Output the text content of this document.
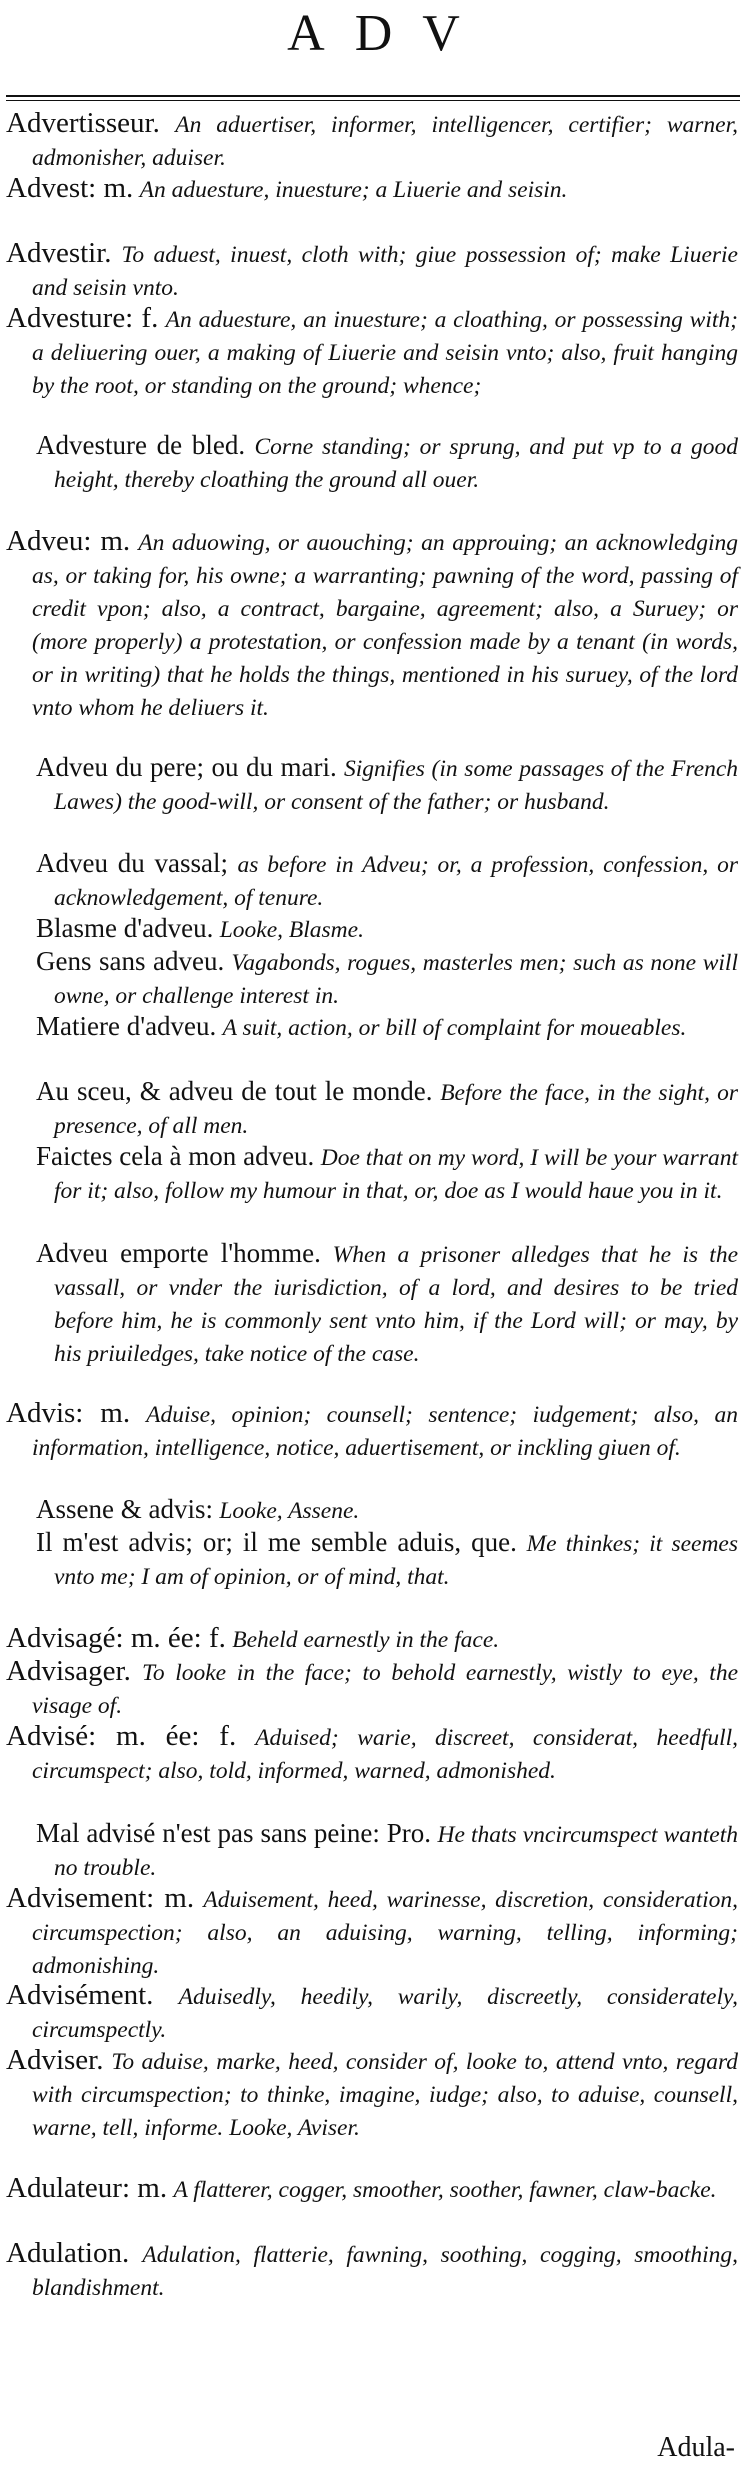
ADV
Advertisseur. An aduertiser, informer, intelligencer, certifier; warner, admonisher, aduiser.
Advest: m. An aduesture, inuesture; a Liuerie and seisin.
Advestir. To aduest, inuest, cloth with; giue possession of; make Liuerie and seisin vnto.
Advesture: f. An aduesture, an inuesture; a cloathing, or possessing with; a deliuering ouer, a making of Liuerie and seisin vnto; also, fruit hanging by the root, or standing on the ground; whence;
Advesture de bled. Corne standing; or sprung, and put vp to a good height, thereby cloathing the ground all ouer.
Adveu: m. An aduowing, or auouching; an approuing; an acknowledging as, or taking for, his owne; a warranting; pawning of the word, passing of credit vpon; also, a contract, bargaine, agreement; also, a Suruey; or (more properly) a protestation, or confession made by a tenant (in words, or in writing) that he holds the things, mentioned in his suruey, of the lord vnto whom he deliuers it.
Adveu du pere; ou du mari. Signifies (in some passages of the French Lawes) the good-will, or consent of the father; or husband.
Adveu du vassal; as before in Adveu; or, a profession, confession, or acknowledgement, of tenure.
Blasme d'adveu. Looke, Blasme.
Gens sans adveu. Vagabonds, rogues, masterles men; such as none will owne, or challenge interest in.
Matiere d'adveu. A suit, action, or bill of complaint for moueables.
Au sceu, & adveu de tout le monde. Before the face, in the sight, or presence, of all men.
Faictes cela à mon adveu. Doe that on my word, I will be your warrant for it; also, follow my humour in that, or, doe as I would haue you in it.
Adveu emporte l'homme. When a prisoner alledges that he is the vassall, or vnder the iurisdiction, of a lord, and desires to be tried before him, he is commonly sent vnto him, if the Lord will; or may, by his priuiledges, take notice of the case.
Advis: m. Aduise, opinion; counsell; sentence; iudgement; also, an information, intelligence, notice, aduertisement, or inckling giuen of.
Assene & advis: Looke, Assene.
Il m'est advis; or; il me semble aduis, que. Me thinkes; it seemes vnto me; I am of opinion, or of mind, that.
Advisagé: m. ée: f. Beheld earnestly in the face.
Advisager. To looke in the face; to behold earnestly, wistly to eye, the visage of.
Advisé: m. ée: f. Aduised; warie, discreet, considerat, heedfull, circumspect; also, told, informed, warned, admonished.
Mal advisé n'est pas sans peine: Pro. He thats vncircumspect wanteth no trouble.
Advisement: m. Aduisement, heed, warinesse, discretion, consideration, circumspection; also, an aduising, warning, telling, informing; admonishing.
Advisément. Aduisedly, heedily, warily, discreetly, considerately, circumspectly.
Adviser. To aduise, marke, heed, consider of, looke to, attend vnto, regard with circumspection; to thinke, imagine, iudge; also, to aduise, counsell, warne, tell, informe. Looke, Aviser.
Adulateur: m. A flatterer, cogger, smoother, soother, fawner, claw-backe.
Adulation. Adulation, flatterie, fawning, soothing, cogging, smoothing, blandishment.
Adula-
